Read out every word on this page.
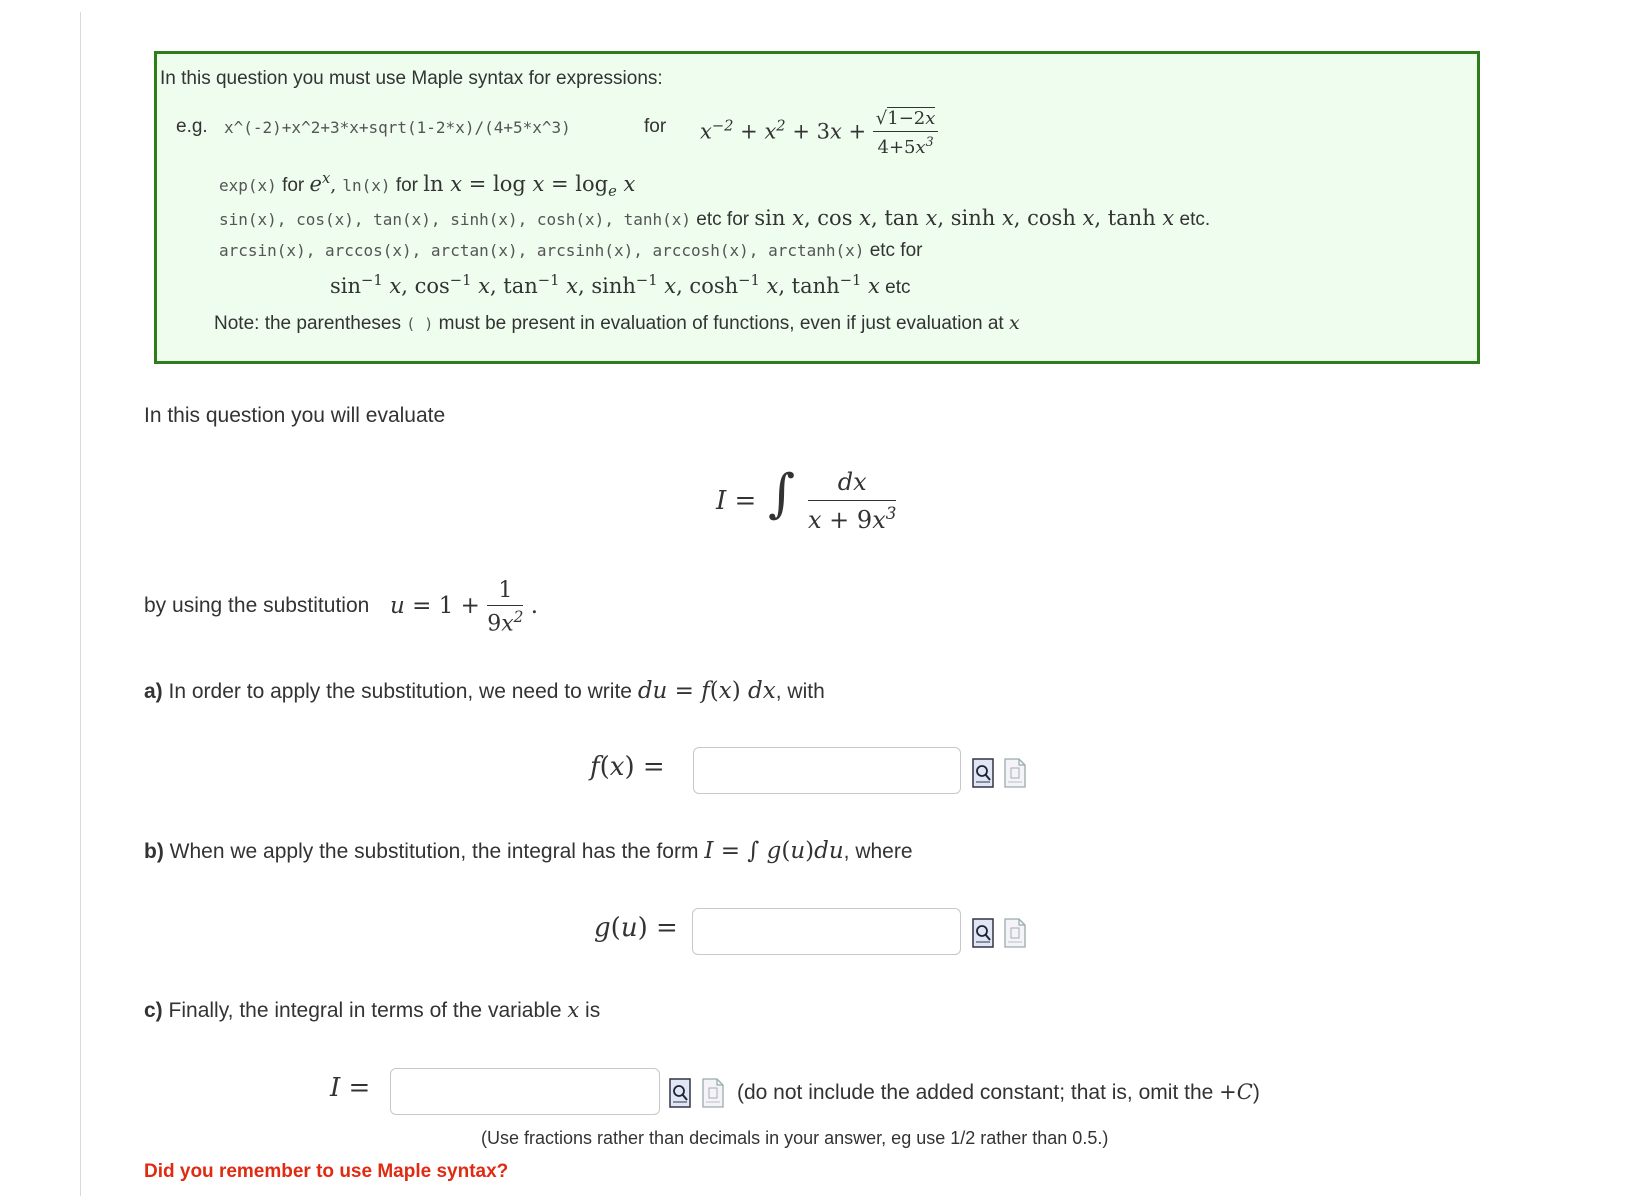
In this question you must use Maple syntax for expressions:
e.g. x^(-2)+x^2+3*x+sqrt(1-2*x)/(4+5*x^3)	for $x^{-2} + x^2 + 3x + \frac{√1-2x}{4+5x^3}$
exp(x) for $e^x$, ln(x) for $\ln x = \log x = \log_e x$
sin(x), cos(x), tan(x), sinh(x), cosh(x), tanh(x) etc for sin x, cos x, tan x, sinh x, cosh x, tanh x etc.
arcsin(x), arccos(x), arctan(x), arcsinh(x), arccosh(x), arctanh(x) etc for
$\sin^{-1} x$, $\cos^{-1} x$, $\tan^{-1} x$, $\sinh^{-1} x$, $\cosh^{-1} x$, $\tanh^{-1} x$ etc
Note: the parentheses ( ) must be present in evaluation of functions, even if just evaluation at x
In this question you will evaluate
I = ∫ $\frac{dx}{x + 9x^3}$
by using the substitution $u = 1 + \frac{1}{9x^2}$ .
a) In order to apply the substitution, we need to write du = f(x) dx, with
f(x) =
b) When we apply the substitution, the integral has the form I = ∫ g(u)du, where
g(u) =
c) Finally, the integral in terms of the variable x is
I =	(do not include the added constant; that is, omit the +C)
(Use fractions rather than decimals in your answer, eg use 1/2 rather than 0.5.)
Did you remember to use Maple syntax?
